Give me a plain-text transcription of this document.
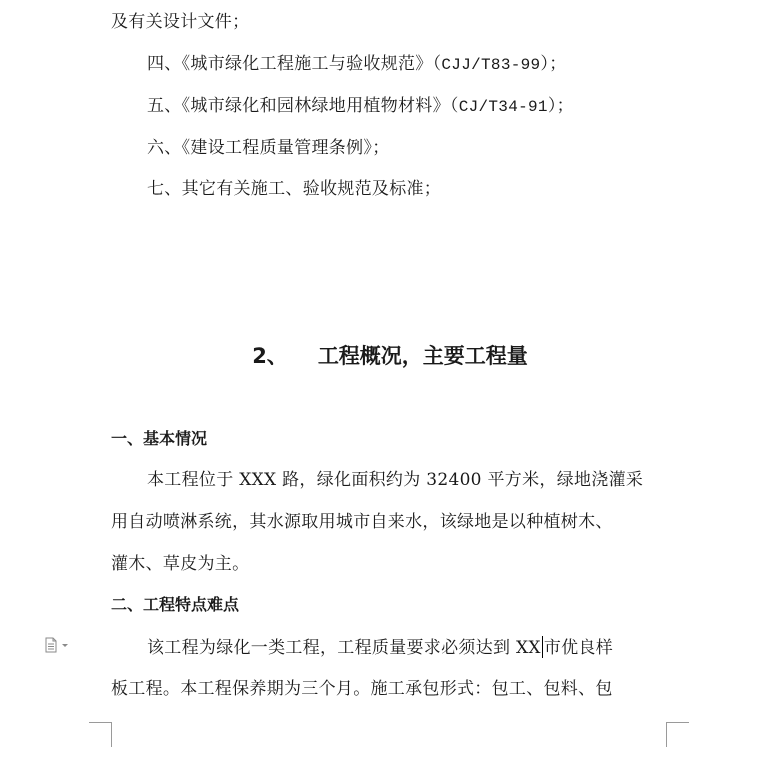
及有关设计文件；
四、《城市绿化工程施工与验收规范》（CJJ/T83-99）；
五、《城市绿化和园林绿地用植物材料》（CJ/T34-91）；
六、《建设工程质量管理条例》；
七、其它有关施工、验收规范及标准；
2、 工程概况，主要工程量
一、基本情况
本工程位于 XXX 路，绿化面积约为 32400 平方米，绿地浇灌采
用自动喷淋系统，其水源取用城市自来水，该绿地是以种植树木、
灌木、草皮为主。
二、工程特点难点
该工程为绿化一类工程，工程质量要求必须达到 XX 市优良样
板工程。本工程保养期为三个月。施工承包形式：包工、包料、包
